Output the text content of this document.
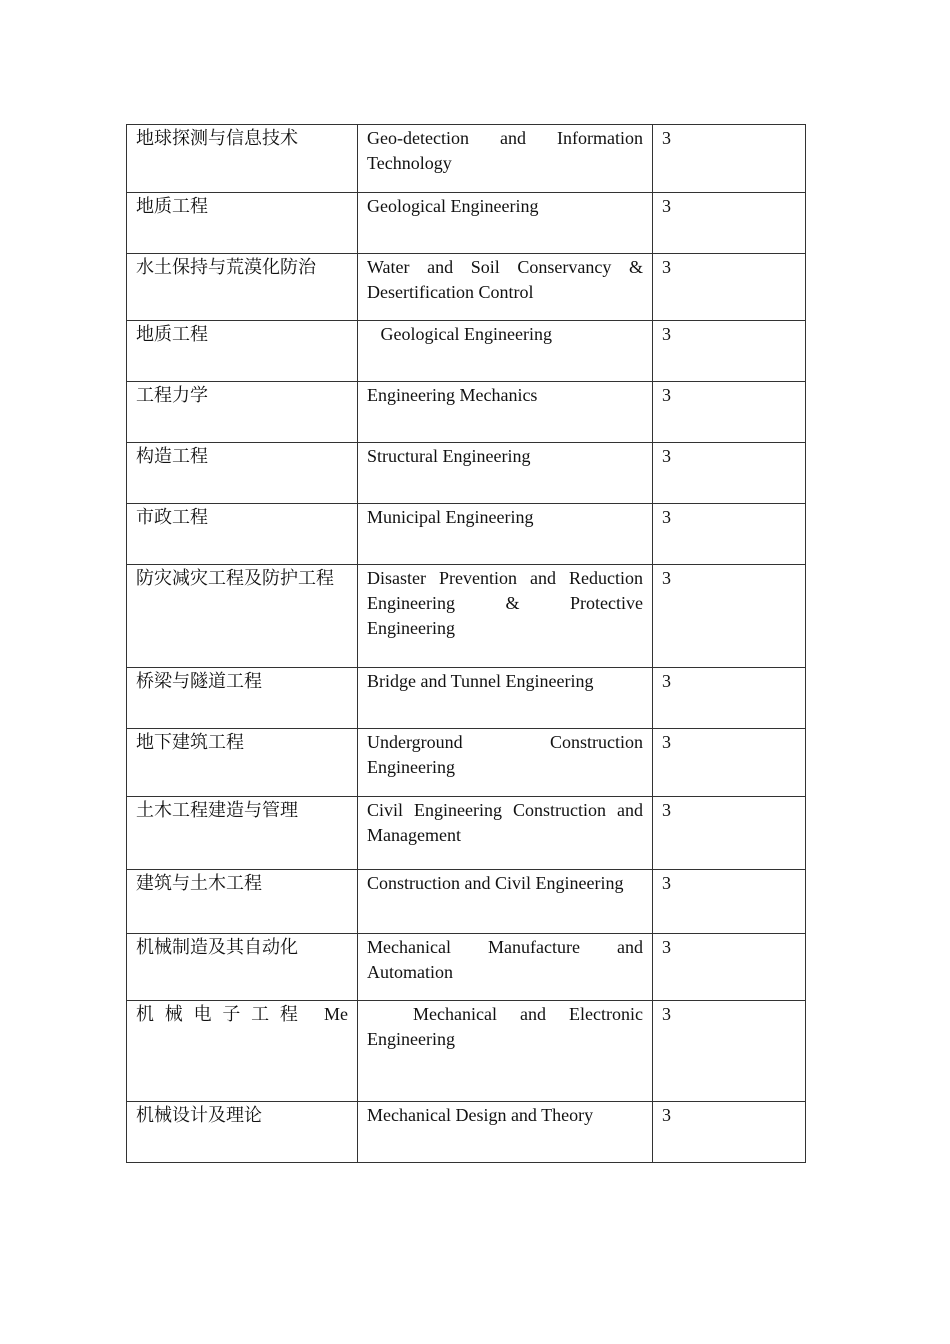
地球探测与信息技术	Geo-detection and Information Technology	3
地质工程	Geological Engineering	3
水土保持与荒漠化防治	Water and Soil Conservancy & Desertification Control	3
地质工程	Geological Engineering	3
工程力学	Engineering Mechanics	3
构造工程	Structural Engineering	3
市政工程	Municipal Engineering	3
防灾减灾工程及防护工程	Disaster Prevention and Reduction Engineering & Protective Engineering	3
桥梁与隧道工程	Bridge and Tunnel Engineering	3
地下建筑工程	Underground Construction Engineering	3
土木工程建造与管理	Civil Engineering Construction and Management	3
建筑与土木工程	Construction and Civil Engineering	3
机械制造及其自动化	Mechanical Manufacture and Automation	3
机械电子工程 Me	Mechanical and Electronic Engineering	3
机械设计及理论	Mechanical Design and Theory	3
